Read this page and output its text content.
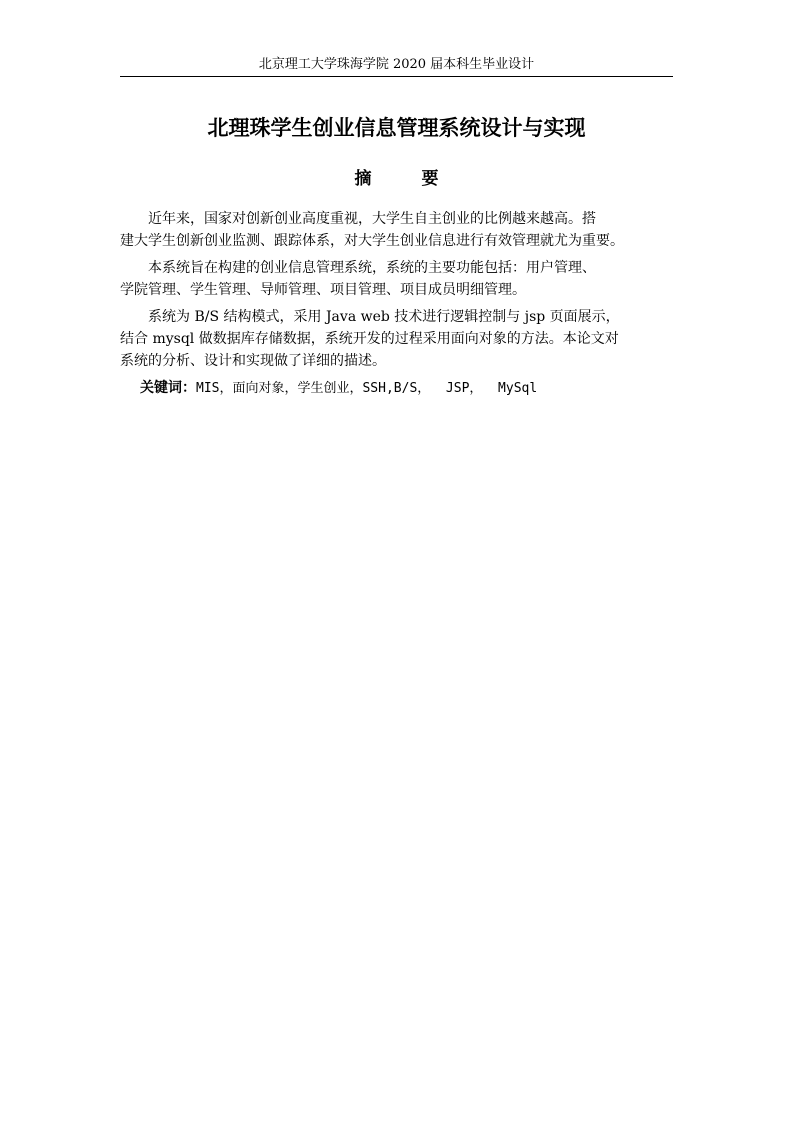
北京理工大学珠海学院 2020 届本科生毕业设计
北理珠学生创业信息管理系统设计与实现
摘 要

近年来，国家对创新创业高度重视，大学生自主创业的比例越来越高。搭
建大学生创新创业监测、跟踪体系，对大学生创业信息进行有效管理就尤为重要。

本系统旨在构建的创业信息管理系统，系统的主要功能包括：用户管理、
学院管理、学生管理、导师管理、项目管理、项目成员明细管理。

系统为 B/S 结构模式，采用 Java web 技术进行逻辑控制与 jsp 页面展示，
结合 mysql 做数据库存储数据，系统开发的过程采用面向对象的方法。本论文对
系统的分析、设计和实现做了详细的描述。

关键词：MIS，面向对象，学生创业，SSH,B/S，  JSP，  MySql
